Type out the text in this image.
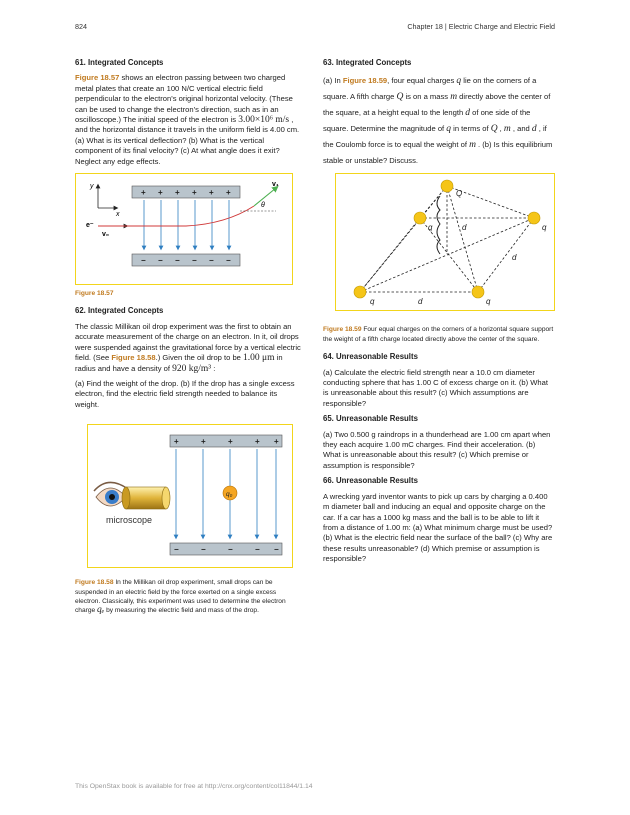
824	Chapter 18 | Electric Charge and Electric Field
61. Integrated Concepts

Figure 18.57 shows an electron passing between two charged metal plates that create an 100 N/C vertical electric field perpendicular to the electron's original horizontal velocity. (These can be used to change the electron's direction, such as in an oscilloscope.) The initial speed of the electron is 3.00×10⁶ m/s , and the horizontal distance it travels in the uniform field is 4.00 cm. (a) What is its vertical deflection? (b) What is the vertical component of its final velocity? (c) At what angle does it exit? Neglect any edge effects.

+ + + + + +
− − − − − −
y
x
e⁻
v₀
v₁
θ
Figure 18.57
62. Integrated Concepts

The classic Millikan oil drop experiment was the first to obtain an accurate measurement of the charge on an electron. In it, oil drops were suspended against the gravitational force by a vertical electric field. (See Figure 18.58.) Given the oil drop to be 1.00 μm in radius and have a density of 920 kg/m³ :

(a) Find the weight of the drop. (b) If the drop has a single excess electron, find the electric field strength needed to balance its weight.

+	+	+	+ +
−	−	−	− −
microscope
q₀
Figure 18.58 In the Millikan oil drop experiment, small drops can be suspended in an electric field by the force exerted on a single excess electron. Classically, this experiment was used to determine the electron charge qₑ by measuring the electric field and mass of the drop.
63. Integrated Concepts

(a) In Figure 18.59, four equal charges q lie on the corners of a square. A fifth charge Q is on a mass m directly above the center of the square, at a height equal to the length d of one side of the square. Determine the magnitude of q in terms of Q , m , and d , if the Coulomb force is to equal the weight of m . (b) Is this equilibrium stable or unstable? Discuss.

Q
q	q
q	q
d
d
d
Figure 18.59 Four equal charges on the corners of a horizontal square support the weight of a fifth charge located directly above the center of the square.
64. Unreasonable Results

(a) Calculate the electric field strength near a 10.0 cm diameter conducting sphere that has 1.00 C of excess charge on it. (b) What is unreasonable about this result? (c) Which assumptions are responsible?

65. Unreasonable Results

(a) Two 0.500 g raindrops in a thunderhead are 1.00 cm apart when they each acquire 1.00 mC charges. Find their acceleration. (b) What is unreasonable about this result? (c) Which premise or assumption is responsible?

66. Unreasonable Results

A wrecking yard inventor wants to pick up cars by charging a 0.400 m diameter ball and inducing an equal and opposite charge on the car. If a car has a 1000 kg mass and the ball is to be able to lift it from a distance of 1.00 m: (a) What minimum charge must be used? (b) What is the electric field near the surface of the ball? (c) Why are these results unreasonable? (d) Which premise or assumption is responsible?

This OpenStax book is available for free at http://cnx.org/content/col11844/1.14
